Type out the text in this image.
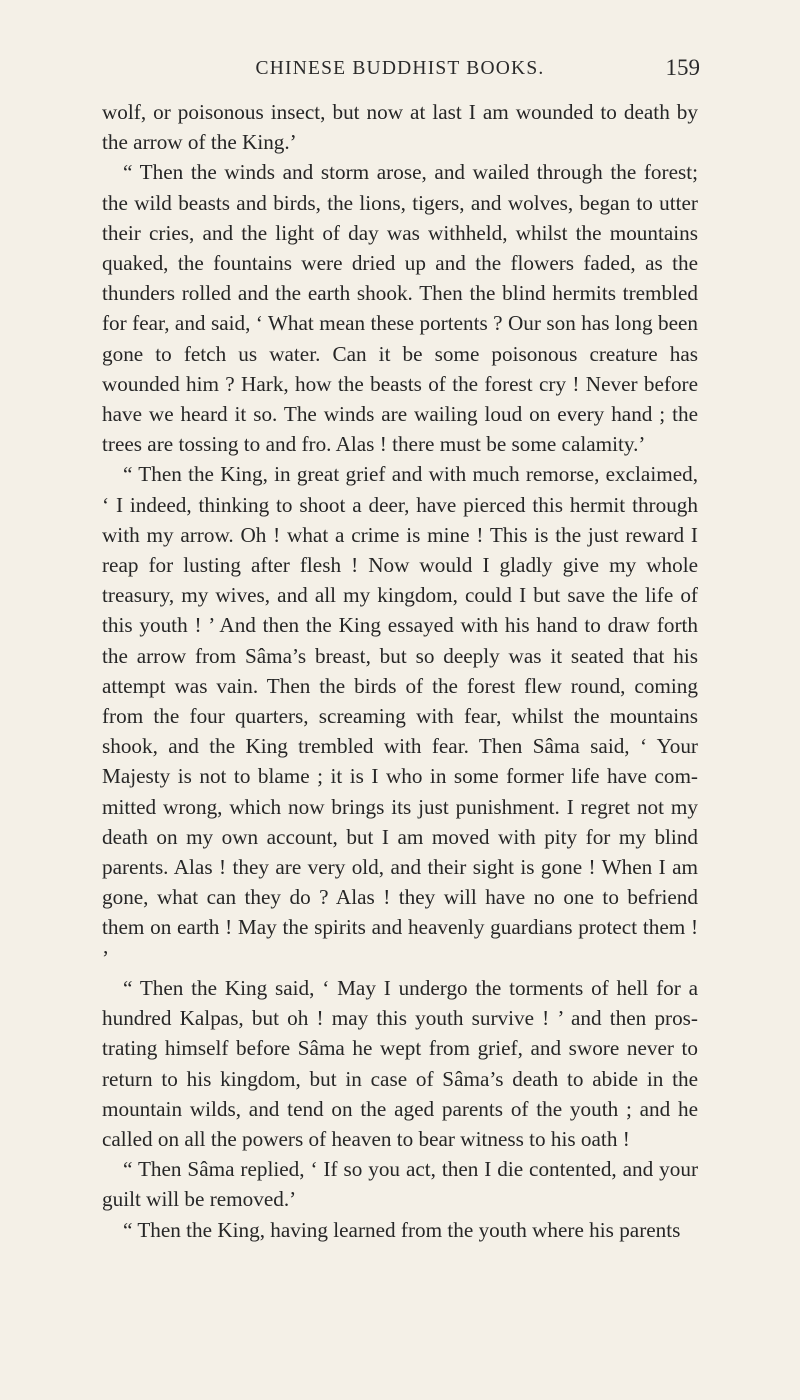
CHINESE BUDDHIST BOOKS.	159

wolf, or poisonous insect, but now at last I am wounded to death by the arrow of the King.’

“ Then the winds and storm arose, and wailed through the forest; the wild beasts and birds, the lions, tigers, and wolves, began to utter their cries, and the light of day was withheld, whilst the mountains quaked, the fountains were dried up and the flowers faded, as the thunders rolled and the earth shook. Then the blind hermits trembled for fear, and said, ‘ What mean these portents ? Our son has long been gone to fetch us water. Can it be some poisonous creature has wounded him ? Hark, how the beasts of the forest cry ! Never before have we heard it so. The winds are wailing loud on every hand ; the trees are tossing to and fro. Alas ! there must be some calamity.’

“ Then the King, in great grief and with much remorse, exclaimed, ‘ I indeed, thinking to shoot a deer, have pierced this hermit through with my arrow. Oh ! what a crime is mine ! This is the just reward I reap for lusting after flesh ! Now would I gladly give my whole treasury, my wives, and all my kingdom, could I but save the life of this youth ! ’ And then the King essayed with his hand to draw forth the arrow from Sâma’s breast, but so deeply was it seated that his attempt was vain. Then the birds of the forest flew round, coming from the four quarters, screaming with fear, whilst the mountains shook, and the King trembled with fear. Then Sâma said, ‘ Your Majesty is not to blame ; it is I who in some former life have com- mitted wrong, which now brings its just punishment. I regret not my death on my own account, but I am moved with pity for my blind parents. Alas ! they are very old, and their sight is gone ! When I am gone, what can they do ? Alas ! they will have no one to befriend them on earth ! May the spirits and heavenly guardians protect them ! ’

“ Then the King said, ‘ May I undergo the torments of hell for a hundred Kalpas, but oh ! may this youth survive ! ’ and then pros- trating himself before Sâma he wept from grief, and swore never to return to his kingdom, but in case of Sâma’s death to abide in the mountain wilds, and tend on the aged parents of the youth ; and he called on all the powers of heaven to bear witness to his oath !

“ Then Sâma replied, ‘ If so you act, then I die contented, and your guilt will be removed.’

“ Then the King, having learned from the youth where his parents
